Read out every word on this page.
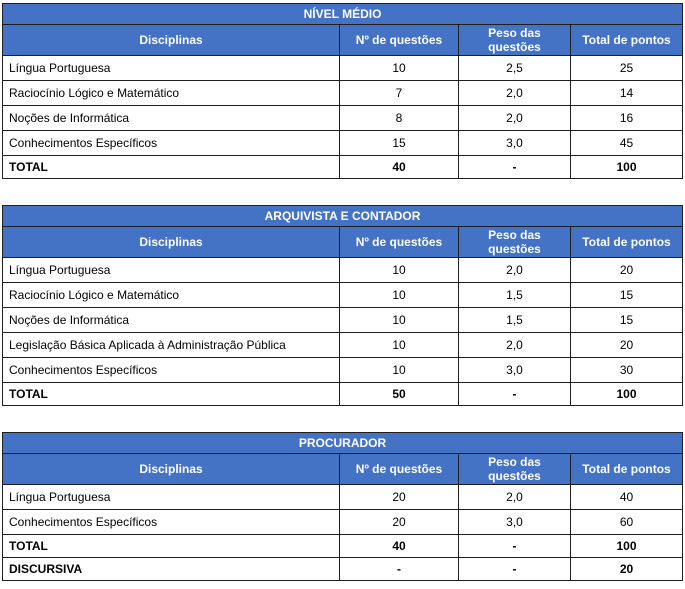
NÍVEL MÉDIO			
Disciplinas	Nº de questões	Peso das questões	Total de pontos
Língua Portuguesa	10	2,5	25
Raciocínio Lógico e Matemático	7	2,0	14
Noções de Informática	8	2,0	16
Conhecimentos Específicos	15	3,0	45
TOTAL	40	-	100
ARQUIVISTA E CONTADOR			
Disciplinas	Nº de questões	Peso das questões	Total de pontos
Língua Portuguesa	10	2,0	20
Raciocínio Lógico e Matemático	10	1,5	15
Noções de Informática	10	1,5	15
Legislação Básica Aplicada à Administração Pública	10	2,0	20
Conhecimentos Específicos	10	3,0	30
TOTAL	50	-	100
PROCURADOR			
Disciplinas	Nº de questões	Peso das questões	Total de pontos
Língua Portuguesa	20	2,0	40
Conhecimentos Específicos	20	3,0	60
TOTAL	40	-	100
DISCURSIVA	-	-	20
